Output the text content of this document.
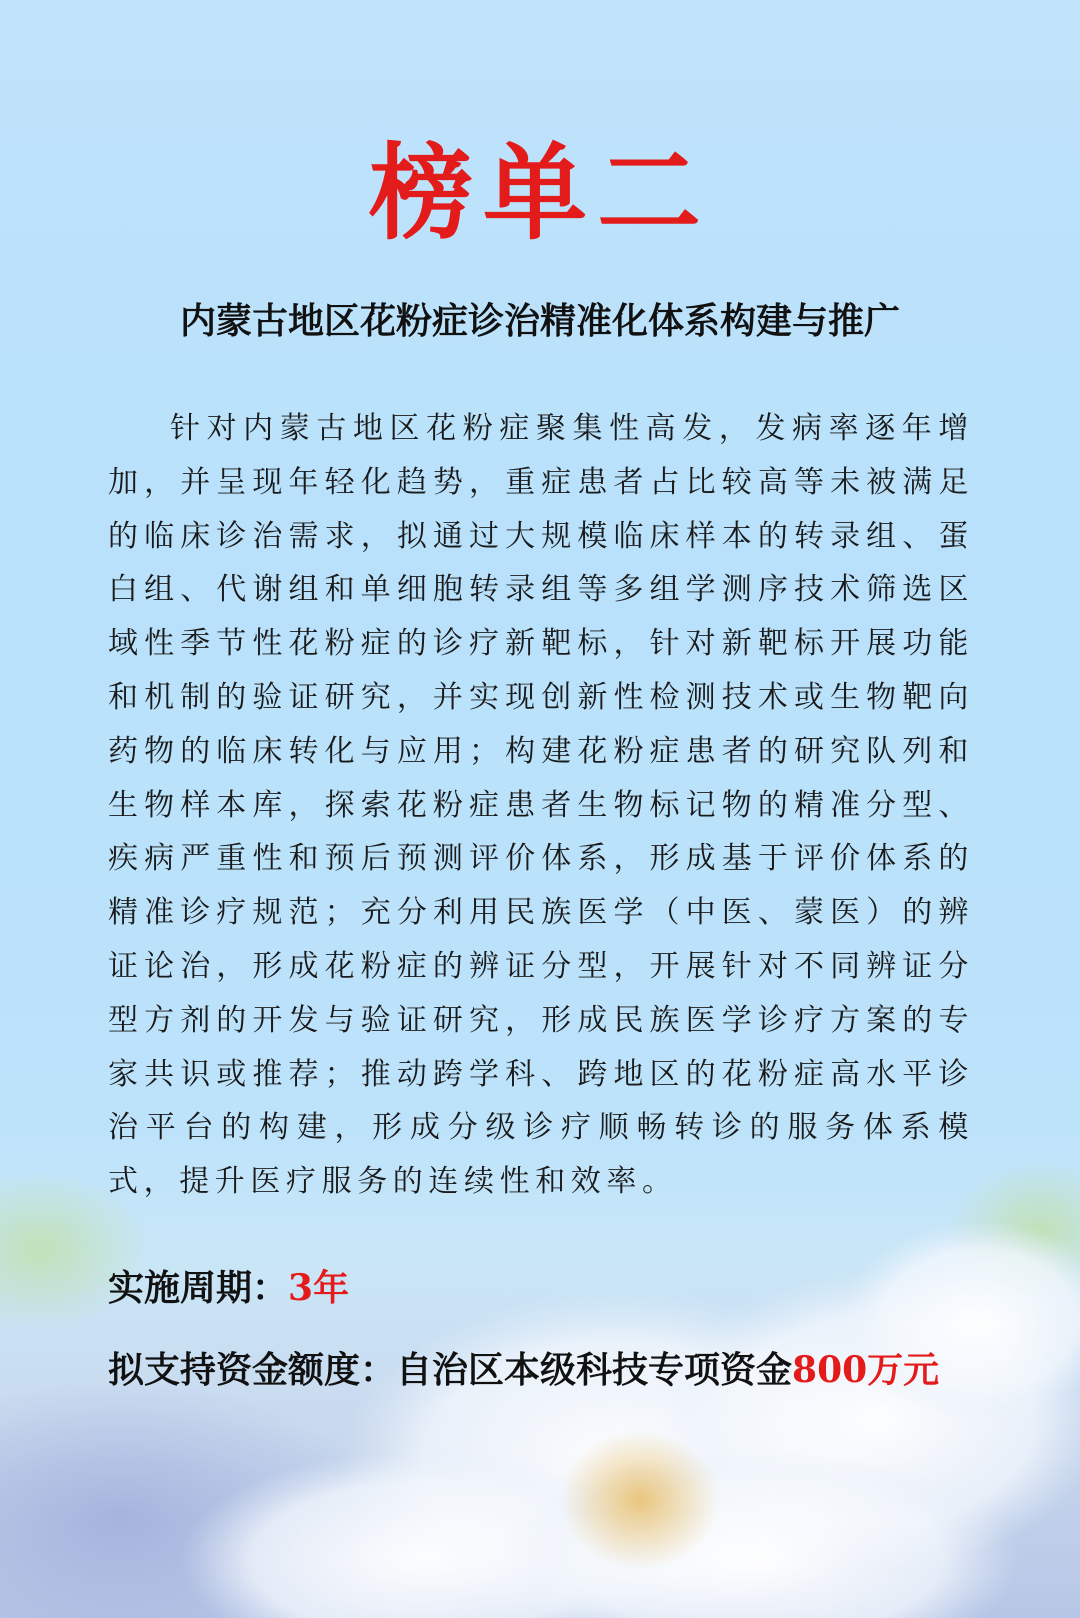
榜单二
内蒙古地区花粉症诊治精准化体系构建与推广

针对内蒙古地区花粉症聚集性高发，发病率逐年增加，并呈现年轻化趋势，重症患者占比较高等未被满足的临床诊治需求，拟通过大规模临床样本的转录组、蛋白组、代谢组和单细胞转录组等多组学测序技术筛选区域性季节性花粉症的诊疗新靶标，针对新靶标开展功能和机制的验证研究，并实现创新性检测技术或生物靶向药物的临床转化与应用；构建花粉症患者的研究队列和生物样本库，探索花粉症患者生物标记物的精准分型、疾病严重性和预后预测评价体系，形成基于评价体系的精准诊疗规范；充分利用民族医学（中医、蒙医）的辨证论治，形成花粉症的辨证分型，开展针对不同辨证分型方剂的开发与验证研究，形成民族医学诊疗方案的专家共识或推荐；推动跨学科、跨地区的花粉症高水平诊治平台的构建，形成分级诊疗顺畅转诊的服务体系模式，提升医疗服务的连续性和效率。

实施周期：3年
拟支持资金额度：自治区本级科技专项资金800万元
